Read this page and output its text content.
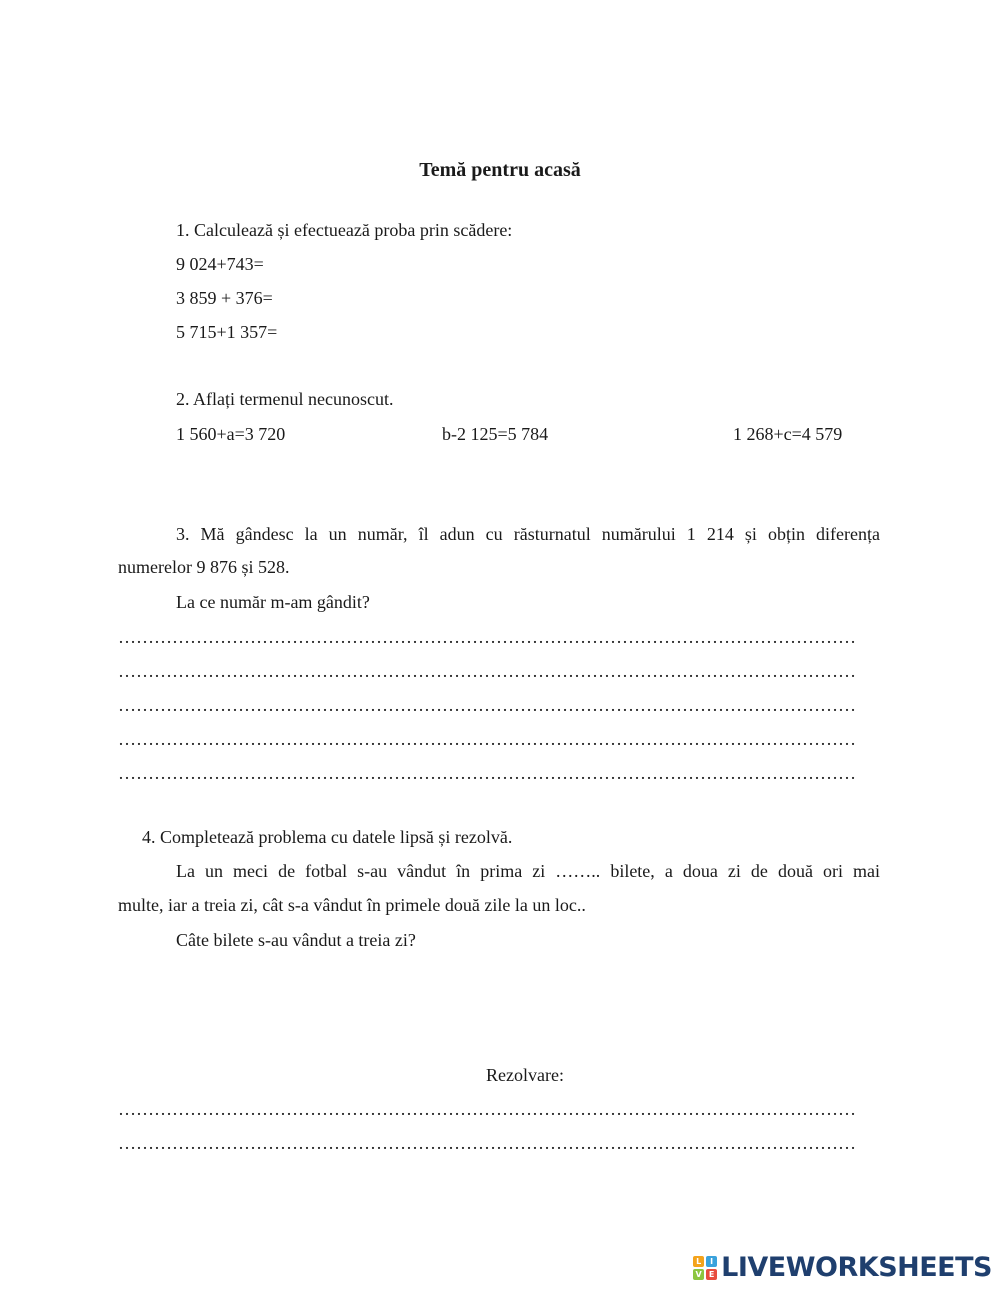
Temă pentru acasă
1. Calculează și efectuează proba prin scădere:
9 024+743=
3 859 + 376=
5 715+1 357=
2. Aflați termenul necunoscut.
1 560+a=3 720	b-2 125=5 784	1 268+c=4 579
3. Mă gândesc la un număr, îl adun cu răsturnatul numărului 1 214 și obțin diferența
numerelor 9 876 și 528.
La ce număr m-am gândit?
……………………………………………………………………………………………………………
……………………………………………………………………………………………………………
……………………………………………………………………………………………………………
……………………………………………………………………………………………………………
……………………………………………………………………………………………………………
4. Completează problema cu datele lipsă și rezolvă.
La un meci de fotbal s-au vândut în prima zi …….. bilete, a doua zi de două ori mai
multe, iar a treia zi, cât s-a vândut în primele două zile la un loc..
Câte bilete s-au vândut a treia zi?
Rezolvare:
……………………………………………………………………………………………………………
……………………………………………………………………………………………………………
L	I
V E LIVEWORKSHEETS
